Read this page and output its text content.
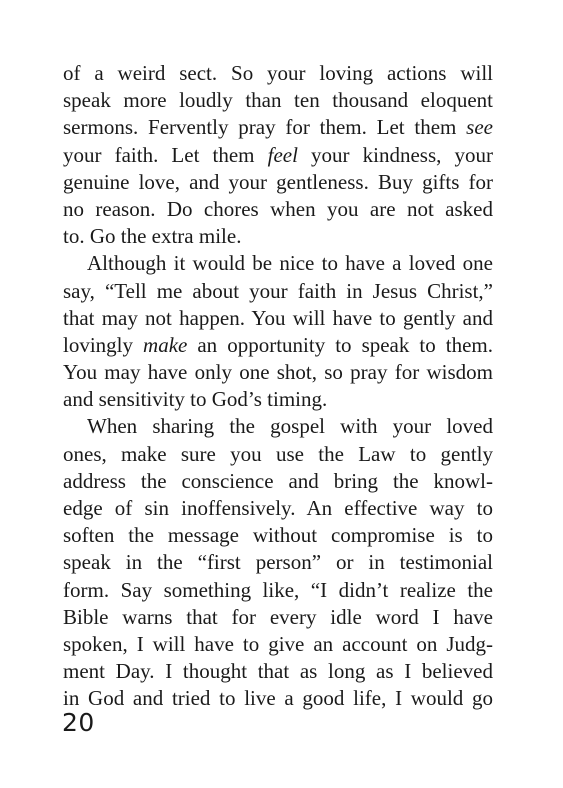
of a weird sect. So your loving actions will
speak more loudly than ten thousand eloquent
sermons. Fervently pray for them. Let them see
your faith. Let them feel your kindness, your
genuine love, and your gentleness. Buy gifts for
no reason. Do chores when you are not asked
to. Go the extra mile.
Although it would be nice to have a loved one
say, “Tell me about your faith in Jesus Christ,”
that may not happen. You will have to gently and
lovingly make an opportunity to speak to them.
You may have only one shot, so pray for wisdom
and sensitivity to God’s timing.
When sharing the gospel with your loved
ones, make sure you use the Law to gently
address the conscience and bring the knowl-
edge of sin inoffensively. An effective way to
soften the message without compromise is to
speak in the “first person” or in testimonial
form. Say something like, “I didn’t realize the
Bible warns that for every idle word I have
spoken, I will have to give an account on Judg-
ment Day. I thought that as long as I believed
in God and tried to live a good life, I would go
20
